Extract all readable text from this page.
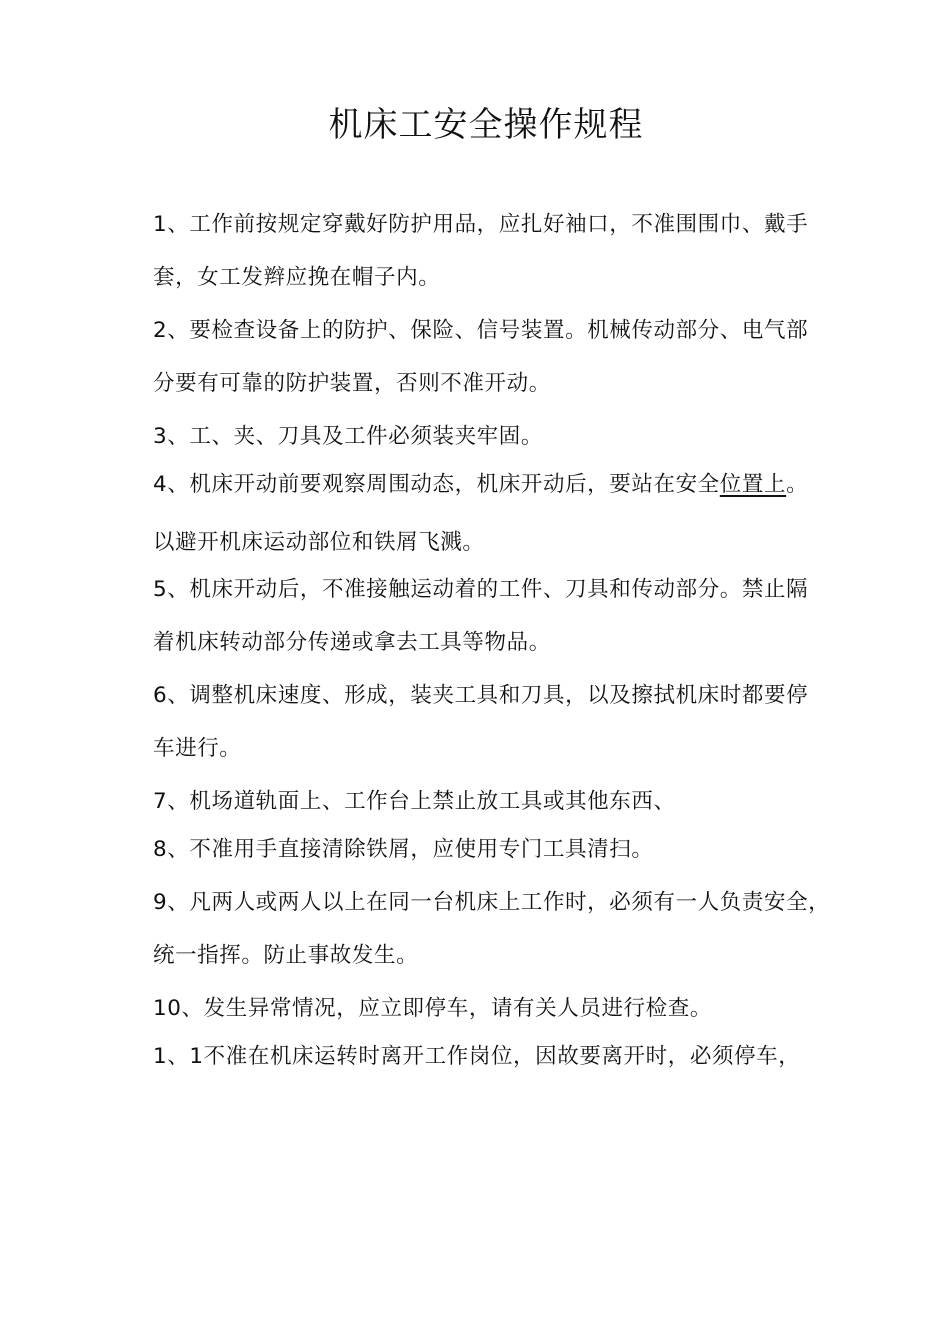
机床工安全操作规程
1、工作前按规定穿戴好防护用品，应扎好袖口，不准围围巾、戴手
套，女工发辫应挽在帽子内。
2、要检查设备上的防护、保险、信号装置。机械传动部分、电气部
分要有可靠的防护装置，否则不准开动。
3、工、夹、刀具及工件必须装夹牢固。
4、机床开动前要观察周围动态，机床开动后，要站在安全位置上。
以避开机床运动部位和铁屑飞溅。
5、机床开动后，不准接触运动着的工件、刀具和传动部分。禁止隔
着机床转动部分传递或拿去工具等物品。
6、调整机床速度、形成，装夹工具和刀具，以及擦拭机床时都要停
车进行。
7、机场道轨面上、工作台上禁止放工具或其他东西、
8、不准用手直接清除铁屑，应使用专门工具清扫。
9、凡两人或两人以上在同一台机床上工作时，必须有一人负责安全，
统一指挥。防止事故发生。
10、发生异常情况，应立即停车，请有关人员进行检查。
1、1不准在机床运转时离开工作岗位，因故要离开时，必须停车，
